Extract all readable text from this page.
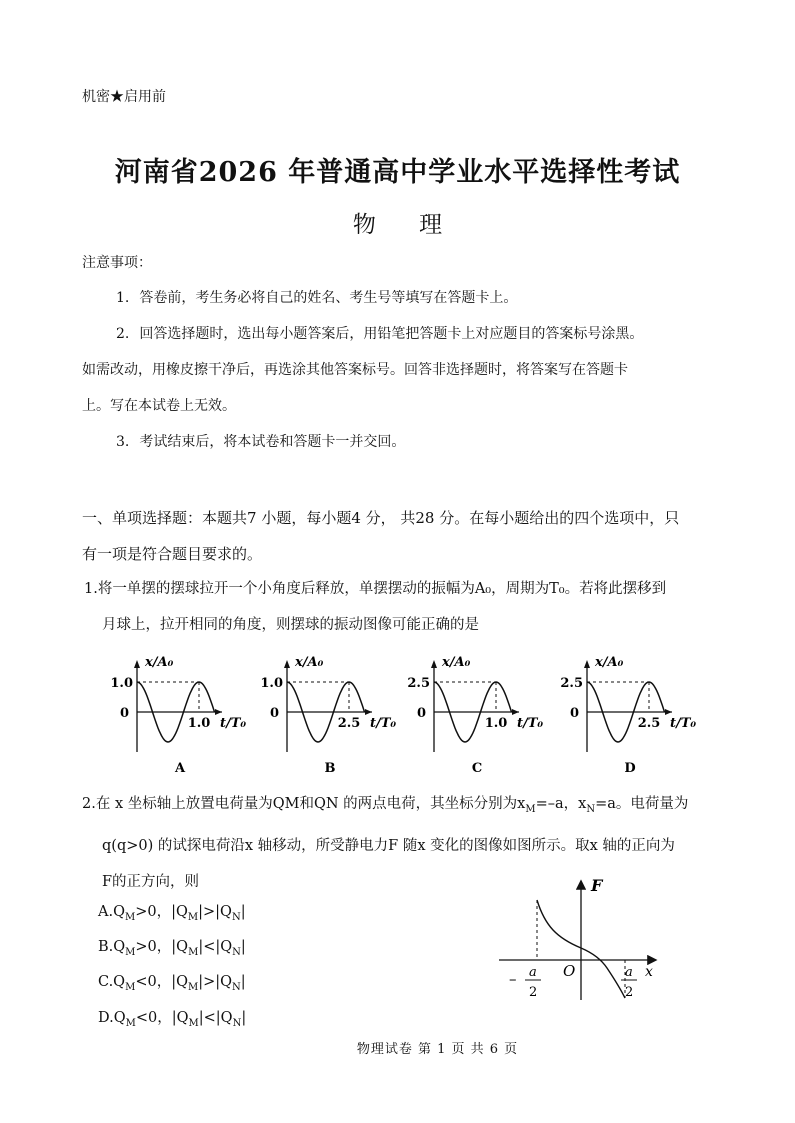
机密★启用前
河南省2026 年普通高中学业水平选择性考试
物 理
注意事项：
1. 答卷前，考生务必将自己的姓名、考生号等填写在答题卡上。
2. 回答选择题时，选出每小题答案后，用铅笔把答题卡上对应题目的答案标号涂黑。
如需改动，用橡皮擦干净后，再选涂其他答案标号。回答非选择题时，将答案写在答题卡
上。写在本试卷上无效。
3. 考试结束后，将本试卷和答题卡一并交回。
一、单项选择题：本题共7 小题，每小题4 分， 共28 分。在每小题给出的四个选项中，只
有一项是符合题目要求的。
1.将一单摆的摆球拉开一个小角度后释放，单摆摆动的振幅为A₀，周期为T₀。若将此摆移到
月球上，拉开相同的角度，则摆球的振动图像可能正确的是
x/A₀
1.0
0
1.0 t/T₀
A
x/A₀
1.0
0
2.5 t/T₀
B
x/A₀
2.5
0
1.0 t/T₀
C
x/A₀
2.5
0
2.5 t/T₀
D
2.在 x 坐标轴上放置电荷量为QM和QN 的两点电荷，其坐标分别为$x_M=-a$，$x_N=a$。电荷量为
q(q>0) 的试探电荷沿x 轴移动，所受静电力F 随x 变化的图像如图所示。取x 轴的正向为
F的正方向，则
$A.Q_M>0$，$|Q_M|>|Q_N|$
$B.Q_M>0$，$|Q_M|<|Q_N|$
$C.Q_M<0$，$|Q_M|>|Q_N|$
$D.Q_M<0$，$|Q_M|<|Q_N|$
F
x
O
– a
2
a
2
物理试卷 第 1 页 共 6 页
